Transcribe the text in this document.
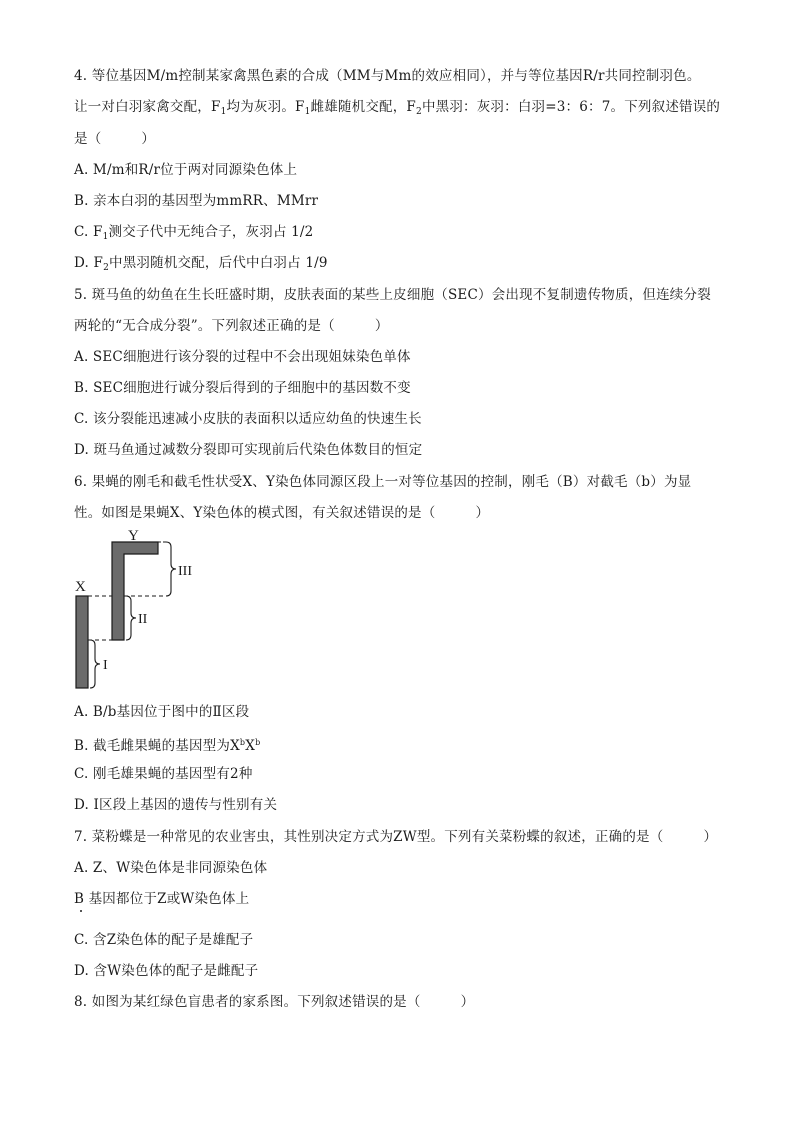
4. 等位基因M/m控制某家禽黑色素的合成（MM与Mm的效应相同），并与等位基因R/r共同控制羽色。
让一对白羽家禽交配，$F_1$均为灰羽。$F_1$雌雄随机交配，$F_2$中黑羽：灰羽：白羽=3：6：7。下列叙述错误的
是（	）
A. M/m和R/r位于两对同源染色体上
B. 亲本白羽的基因型为mmRR、MMrr
C. $F_1$测交子代中无纯合子，灰羽占 1/2
D. $F_2$中黑羽随机交配，后代中白羽占 1/9
5. 斑马鱼的幼鱼在生长旺盛时期，皮肤表面的某些上皮细胞（SEC）会出现不复制遗传物质，但连续分裂
两轮的“无合成分裂”。下列叙述正确的是（	）
A. SEC细胞进行该分裂的过程中不会出现姐妹染色单体
B. SEC细胞进行诚分裂后得到的子细胞中的基因数不变
C. 该分裂能迅速减小皮肤的表面积以适应幼鱼的快速生长
D. 斑马鱼通过减数分裂即可实现前后代染色体数目的恒定
6. 果蝇的刚毛和截毛性状受X、Y染色体同源区段上一对等位基因的控制，刚毛（B）对截毛（b）为显
性。如图是果蝇X、Y染色体的模式图，有关叙述错误的是（	）
Y
X
III
II
I
A. B/b基因位于图中的Ⅱ区段
B. 截毛雌果蝇的基因型为$X^bX^b$
C. 刚毛雄果蝇的基因型有2种
D. I区段上基因的遗传与性别有关
7. 菜粉蝶是一种常见的农业害虫，其性别决定方式为ZW型。下列有关菜粉蝶的叙述，正确的是（	）
A. Z、W染色体是非同源染色体
B 基因都位于Z或W染色体上
C. 含Z染色体的配子是雄配子
D. 含W染色体的配子是雌配子
8. 如图为某红绿色盲患者的家系图。下列叙述错误的是（	）
